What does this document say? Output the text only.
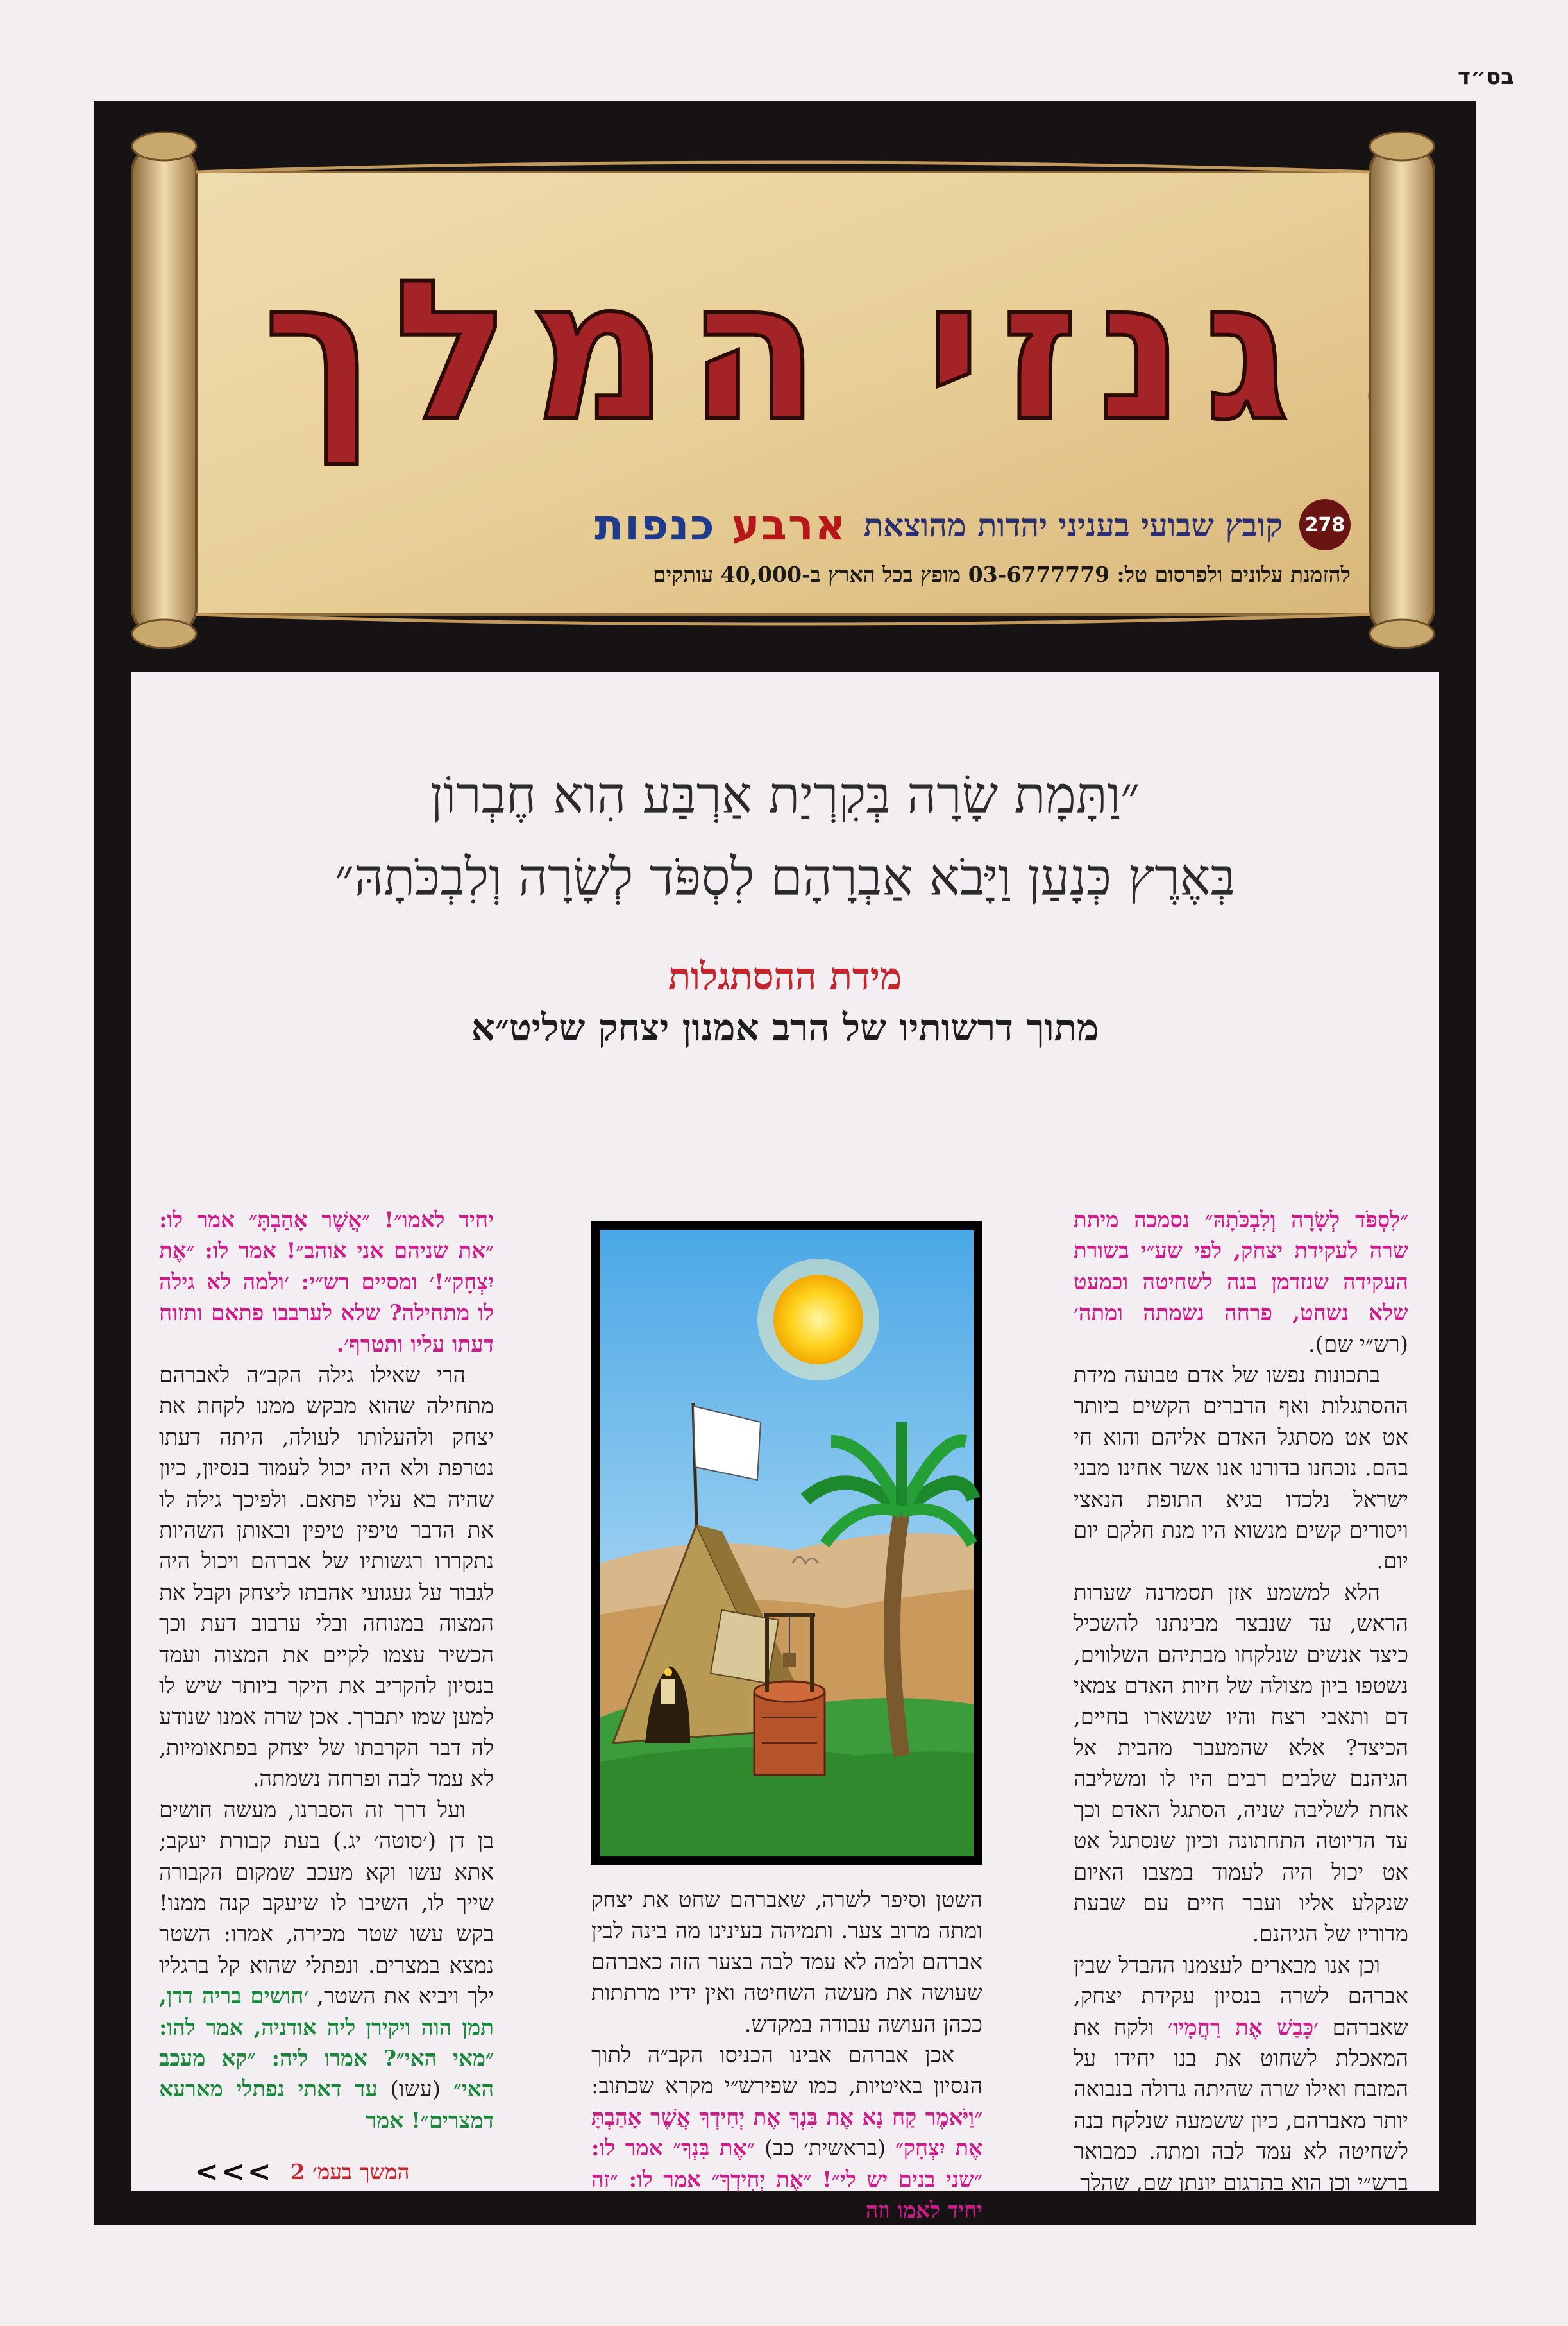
בס״ד
גנזי המלך
278
קובץ שבועי בעניני יהדות מהוצאת
ארבע כנפות
להזמנת עלונים ולפרסום טל: 03-6777779 מופץ בכל הארץ ב-40,000 עותקים
״וַתָּמָת שָׂרָה בְּקִרְיַת אַרְבַּע הִוא חֶבְרוֹן
בְּאֶרֶץ כְּנָעַן וַיָּבֹא אַבְרָהָם לִסְפֹּד לְשָׂרָה וְלִבְכֹּתָהּ״
מידת ההסתגלות
מתוך דרשותיו של הרב אמנון יצחק שליט״א

״לִסְפֹּד לְשָׂרָה וְלִבְכֹּתָהּ״ נסמכה מיתת שרה לעקידת יצחק, לפי שע״י בשורת העקידה שנזדמן בנה לשחיטה וכמעט שלא נשחט, פרחה נשמתה ומתה׳ (רש״י שם).

בתכונות נפשו של אדם טבועה מידת ההסתגלות ואף הדברים הקשים ביותר אט אט מסתגל האדם אליהם והוא חי בהם. נוכחנו בדורנו אנו אשר אחינו מבני ישראל נלכדו בגיא התופת הנאצי ויסורים קשים מנשוא היו מנת חלקם יום יום.

הלא למשמע אזן תסמרנה שערות הראש, עד שנבצר מבינתנו להשכיל כיצד אנשים שנלקחו מבתיהם השלווים, נשטפו ביון מצולה של חיות האדם צמאי דם ותאבי רצח והיו שנשארו בחיים, הכיצד? אלא שהמעבר מהבית אל הגיהנם שלבים רבים היו לו ומשליבה אחת לשליבה שניה, הסתגל האדם וכך עד הדיוטה התחתונה וכיון שנסתגל אט אט יכול היה לעמוד במצבו האיום שנקלע אליו ועבר חיים עם שבעת מדוריו של הגיהנם.

וכן אנו מבארים לעצמנו ההבדל שבין אברהם לשרה בנסיון עקידת יצחק, שאברהם ׳כָּבַשׁ אֶת רַחֲמָיו׳ ולקח את המאכלת לשחוט את בנו יחידו על המזבח ואילו שרה שהיתה גדולה בנבואה יותר מאברהם, כיון ששמעה שנלקח בנה לשחיטה לא עמד לבה ומתה. כמבואר ברש״י וכן הוא בתרגום יונתן שם, שהלך

השטן וסיפר לשרה, שאברהם שחט את יצחק ומתה מרוב צער. ותמיהה בעינינו מה בינה לבין אברהם ולמה לא עמד לבה בצער הזה כאברהם שעושה את מעשה השחיטה ואין ידיו מרתתות ככהן העושה עבודה במקדש.

אכן אברהם אבינו הכניסו הקב״ה לתוך הנסיון באיטיות, כמו שפירש״י מקרא שכתוב: ״וַיֹּאמֶר קַח נָא אֶת בִּנְךָ אֶת יְחִידְךָ אֲשֶׁר אָהַבְתָּ אֶת יִצְחָק״ (בראשית׳ כב) ״אֶת בִּנְךָ״ אמר לו: ״שני בנים יש לי״! ״אֶת יְחִידְךָ״ אמר לו: ״זה יחיד לאמו וזה

יחיד לאמו״! ״אֲשֶׁר אָהַבְתָּ״ אמר לו: ״את שניהם אני אוהב״! אמר לו: ״אֶת יִצְחָק״!׳ ומסיים רש״י: ׳ולמה לא גילה לו מתחילה? שלא לערבבו פתאם ותזוח דעתו עליו ותטרף׳.

הרי שאילו גילה הקב״ה לאברהם מתחילה שהוא מבקש ממנו לקחת את יצחק ולהעלותו לעולה, היתה דעתו נטרפת ולא היה יכול לעמוד בנסיון, כיון שהיה בא עליו פתאם. ולפיכך גילה לו את הדבר טיפין טיפין ובאותן השהיות נתקררו רגשותיו של אברהם ויכול היה לגבור על געגועי אהבתו ליצחק וקבל את המצוה במנוחה ובלי ערבוב דעת וכך הכשיר עצמו לקיים את המצוה ועמד בנסיון להקריב את היקר ביותר שיש לו למען שמו יתברך. אכן שרה אמנו שנודע לה דבר הקרבתו של יצחק בפתאומיות, לא עמד לבה ופרחה נשמתה.

ועל דרך זה הסברנו, מעשה חושים בן דן (׳סוטה׳ יג.) בעת קבורת יעקב; אתא עשו וקא מעכב שמקום הקבורה שייך לו, השיבו לו שיעקב קנה ממנו! בקש עשו שטר מכירה, אמרו: השטר נמצא במצרים. ונפתלי שהוא קל ברגליו ילך ויביא את השטר, ׳חושים בריה דדן, תמן הוה ויקירן ליה אודניה, אמר להו: ״מאי האי״? אמרו ליה: ״קא מעכב האי״ (עשו) עד דאתי נפתלי מארעא דמצרים״! אמר

המשך בעמ׳ 2
<<<
